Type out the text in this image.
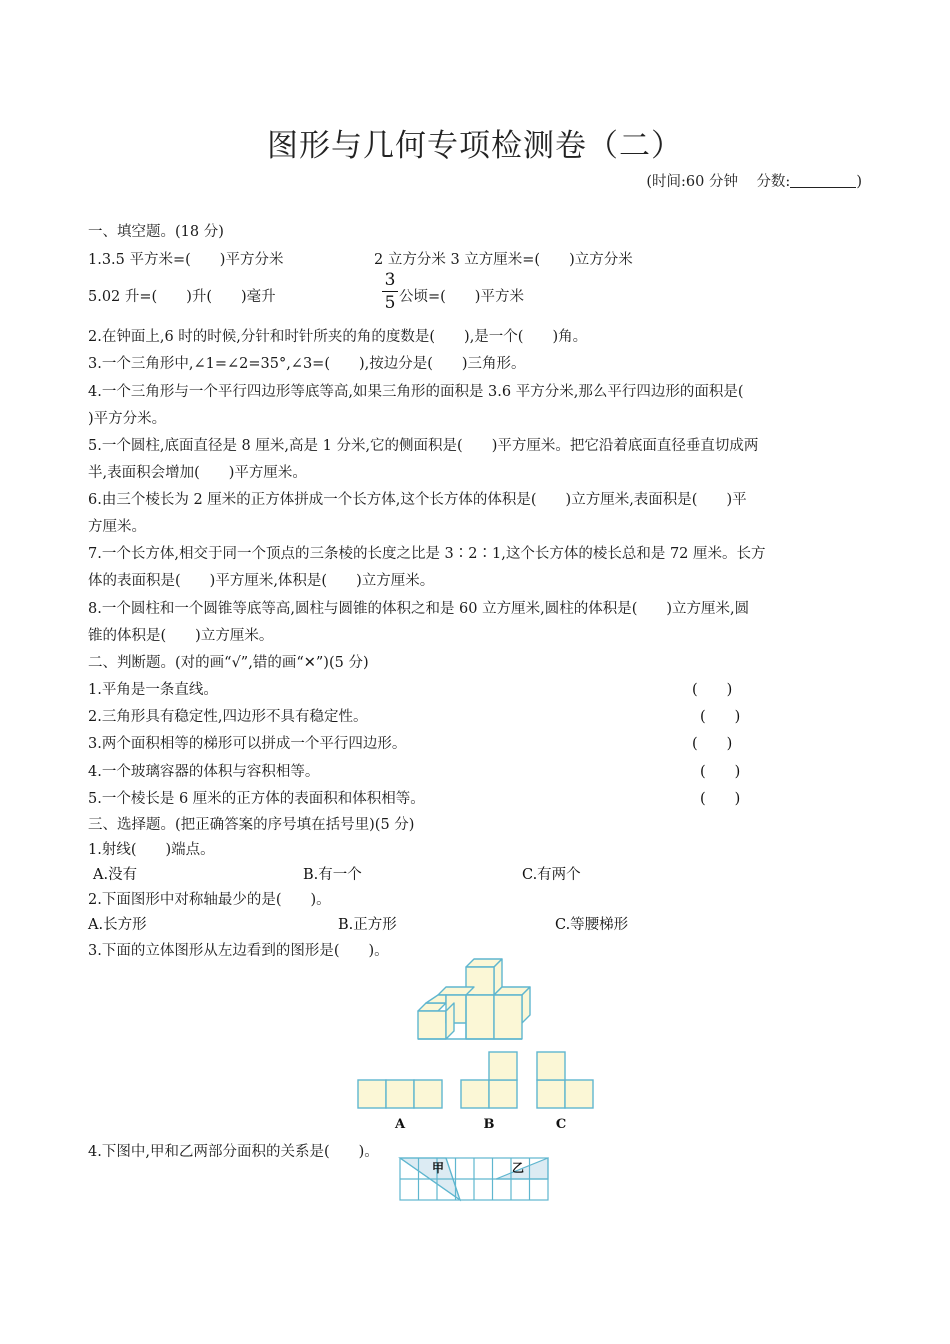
图形与几何专项检测卷（二）
(时间:60 分钟 分数:	)
一、填空题。(18 分)
1.3.5 平方米=(　　)平方分米	2 立方分米 3 立方厘米=(　　)立方分米
5.02 升=(　　)升(　　)毫升
3
5 公顷=(　　)平方米
2.在钟面上,6 时的时候,分针和时针所夹的角的度数是(　　),是一个(　　)角。
3.一个三角形中,∠1=∠2=35°,∠3=(　　),按边分是(　　)三角形。
4.一个三角形与一个平行四边形等底等高,如果三角形的面积是 3.6 平方分米,那么平行四边形的面积是(
)平方分米。
5.一个圆柱,底面直径是 8 厘米,高是 1 分米,它的侧面积是(　　)平方厘米。把它沿着底面直径垂直切成两
半,表面积会增加(　　)平方厘米。
6.由三个棱长为 2 厘米的正方体拼成一个长方体,这个长方体的体积是(　　)立方厘米,表面积是(　　)平
方厘米。
7.一个长方体,相交于同一个顶点的三条棱的长度之比是 3∶2∶1,这个长方体的棱长总和是 72 厘米。长方
体的表面积是(　　)平方厘米,体积是(　　)立方厘米。
8.一个圆柱和一个圆锥等底等高,圆柱与圆锥的体积之和是 60 立方厘米,圆柱的体积是(　　)立方厘米,圆
锥的体积是(　　)立方厘米。
二、判断题。(对的画“√”,错的画“✕”)(5 分)
1.平角是一条直线。	(　　)
2.三角形具有稳定性,四边形不具有稳定性。	(　　)
3.两个面积相等的梯形可以拼成一个平行四边形。	(　　)
4.一个玻璃容器的体积与容积相等。	(　　)
5.一个棱长是 6 厘米的正方体的表面积和体积相等。	(　　)
三、选择题。(把正确答案的序号填在括号里)(5 分)
1.射线(　　)端点。
A.没有	B.有一个	C.有两个
2.下面图形中对称轴最少的是(　　)。
A.长方形	B.正方形	C.等腰梯形
3.下面的立体图形从左边看到的图形是(　　)。
A	B	C
4.下图中,甲和乙两部分面积的关系是(　　)。
甲	乙
